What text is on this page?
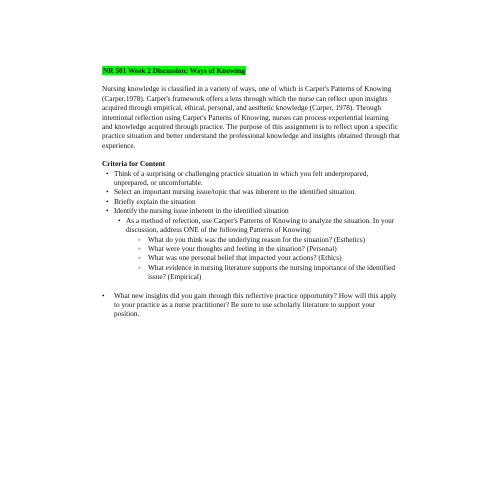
NR 501 Week 2 Discussion: Ways of Knowing

Nursing knowledge is classified in a variety of ways, one of which is Carper's Patterns of Knowing (Carper,1978). Carper's framework offers a lens through which the nurse can reflect upon insights acquired through empirical, ethical, personal, and aesthetic knowledge (Carper, 1978). Through intentional reflection using Carper's Patterns of Knowing, nurses can process experiential learning and knowledge acquired through practice. The purpose of this assignment is to reflect upon a specific practice situation and better understand the professional knowledge and insights obtained through that experience.

Criteria for Content

• Think of a surprising or challenging practice situation in which you felt underprepared, unprepared, or uncomfortable.
• Select an important nursing issue/topic that was inherent to the identified situation.
• Briefly explain the situation
• Identify the nursing issue inherent in the identified situation
• As a method of refection, use Carper's Patterns of Knowing to analyze the situation. In your discussion, address ONE of the following Patterns of Knowing:
◦ What do you think was the underlying reason for the situation? (Esthetics)
◦ What were your thoughts and feeling in the situation? (Personal)
◦ What was one personal belief that impacted your actions? (Ethics)
◦ What evidence in nursing literature supports the nursing importance of the identified issue? (Empirical)
• What new insights did you gain through this reflective practice opportunity? How will this apply to your practice as a nurse practitioner? Be sure to use scholarly literature to support your position.
